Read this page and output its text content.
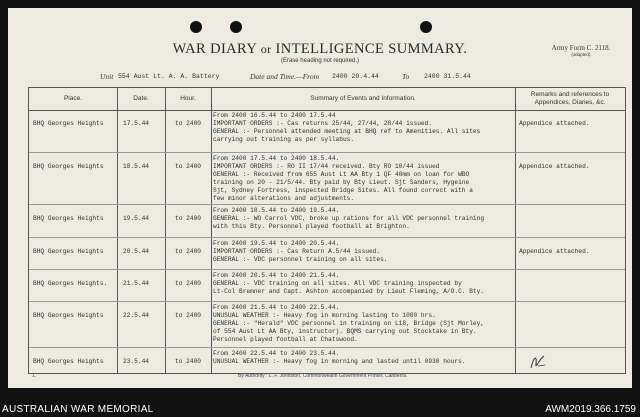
WAR DIARY or INTELLIGENCE SUMMARY.
(Erase heading not required.)
Army Form C. 2118.
(adapted)
Unit 554 Aust Lt. A. A. Battery	Date and Time.—From 2400 20.4.44	To 2400 31.5.44
Place.	Date.	Hour.	Summary of Events and Information.
Remarks and references to Appendices, Diaries, &c.
BHQ Georges Heights	17.5.44	to 2400
From 2400 16.5.44 to 2400 17.5.44
IMPORTANT ORDERS :- Cas returns 25/44, 27/44, 28/44 issued.
GENERAL :- Personnel attended meeting at BHQ ref to Amenities. All sites
carrying out training as per syllabus.
Appendice attached.
BHQ Georges Heights	18.5.44	to 2400
From 2400 17.5.44 to 2400 18.5.44.
IMPORTANT ORDERS :- RO II 17/44 received. Bty RO 10/44 issued
GENERAL :- Received from 655 Aust Lt AA Bty 1 QF 40mm on loan for WBO
training on 20 - 21/5/44. Bty paid by Bty Lieut. Sjt Sanders, Hygeine
Sjt, Sydney Fortress, inspected Bridge Sites. All found correct with a
few minor alterations and adjustments.
Appendice attached.
BHQ Georges Heights	19.5.44	to 2400
From 2400 18.5.44 to 2400 19.5.44.
GENERAL :- WO Carrol VDC, broke up rations for all VDC personnel training
with this Bty. Personnel played football at Brighton.
BHQ Georges Heights	20.5.44	to 2400
From 2400 19.5.44 to 2400 20.5.44.
IMPORTANT ORDERS :- Cas Return A.5/44 issued.
GENERAL :- VDC personnel training on all sites.
Appendice attached.
BHQ Georges Heights.	21.5.44	to 2400
From 2400 20.5.44 to 2400 21.5.44.
GENERAL :- VDC training on all sites. All VDC training inspected by
Lt-Col Bremner and Capt. Ashton accompanied by Lieut Fleming, A/O.C. Bty.
BHQ Georges Heights	22.5.44	to 2400
From 2400 21.5.44 to 2400 22.5.44.
UNUSUAL WEATHER :- Heavy fog in morning lasting to 1000 hrs.
GENERAL :- "Herald" VDC personnel in training on L18, Bridge (Sjt Morley,
of 554 Aust Lt AA Bty, instructor). BQMS carrying out Stocktake in Bty.
Personnel played football at Chatswood.
BHQ Georges Heights	23.5.44	to 2400
From 2400 22.5.44 to 2400 23.5.44.
UNUSUAL WEATHER :- Heavy fog in morning and lasted until 0930 hours.
1.	By Authority : L. F. Johnston, Commonwealth Government Printer, Canberra.
AUSTRALIAN WAR MEMORIAL	AWM2019.366.1759
